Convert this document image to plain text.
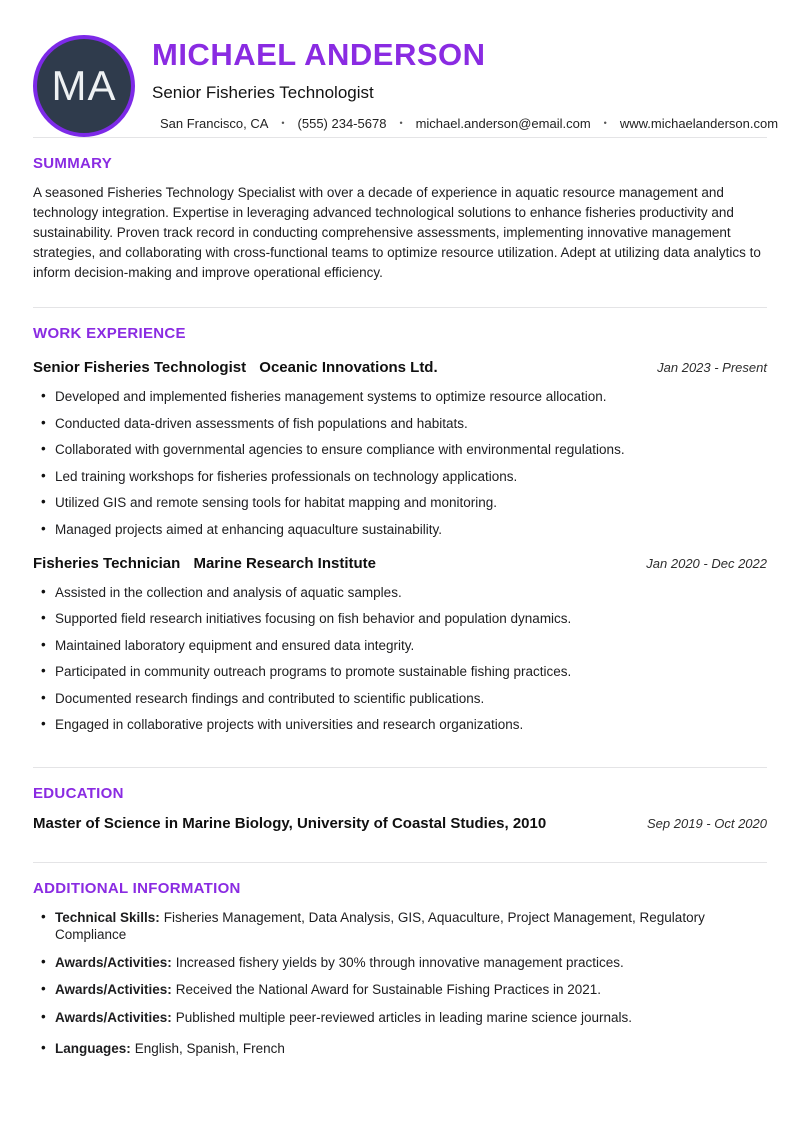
MA
MICHAEL ANDERSON
Senior Fisheries Technologist
San Francisco, CA • (555) 234-5678 • michael.anderson@email.com • www.michaelanderson.com
SUMMARY

A seasoned Fisheries Technology Specialist with over a decade of experience in aquatic resource management and technology integration. Expertise in leveraging advanced technological solutions to enhance fisheries productivity and sustainability. Proven track record in conducting comprehensive assessments, implementing innovative management strategies, and collaborating with cross-functional teams to optimize resource utilization. Adept at utilizing data analytics to inform decision-making and improve operational efficiency.

WORK EXPERIENCE
Senior Fisheries Technologist Oceanic Innovations Ltd.	Jan 2023 - Present
• Developed and implemented fisheries management systems to optimize resource allocation.
• Conducted data-driven assessments of fish populations and habitats.
• Collaborated with governmental agencies to ensure compliance with environmental regulations.
• Led training workshops for fisheries professionals on technology applications.
• Utilized GIS and remote sensing tools for habitat mapping and monitoring.
• Managed projects aimed at enhancing aquaculture sustainability.
Fisheries Technician Marine Research Institute	Jan 2020 - Dec 2022
• Assisted in the collection and analysis of aquatic samples.
• Supported field research initiatives focusing on fish behavior and population dynamics.
• Maintained laboratory equipment and ensured data integrity.
• Participated in community outreach programs to promote sustainable fishing practices.
• Documented research findings and contributed to scientific publications.
• Engaged in collaborative projects with universities and research organizations.
EDUCATION
Master of Science in Marine Biology, University of Coastal Studies, 2010	Sep 2019 - Oct 2020
ADDITIONAL INFORMATION
• Technical Skills: Fisheries Management, Data Analysis, GIS, Aquaculture, Project Management, Regulatory Compliance
• Awards/Activities: Increased fishery yields by 30% through innovative management practices.
• Awards/Activities: Received the National Award for Sustainable Fishing Practices in 2021.
• Awards/Activities: Published multiple peer-reviewed articles in leading marine science journals.
• Languages: English, Spanish, French
